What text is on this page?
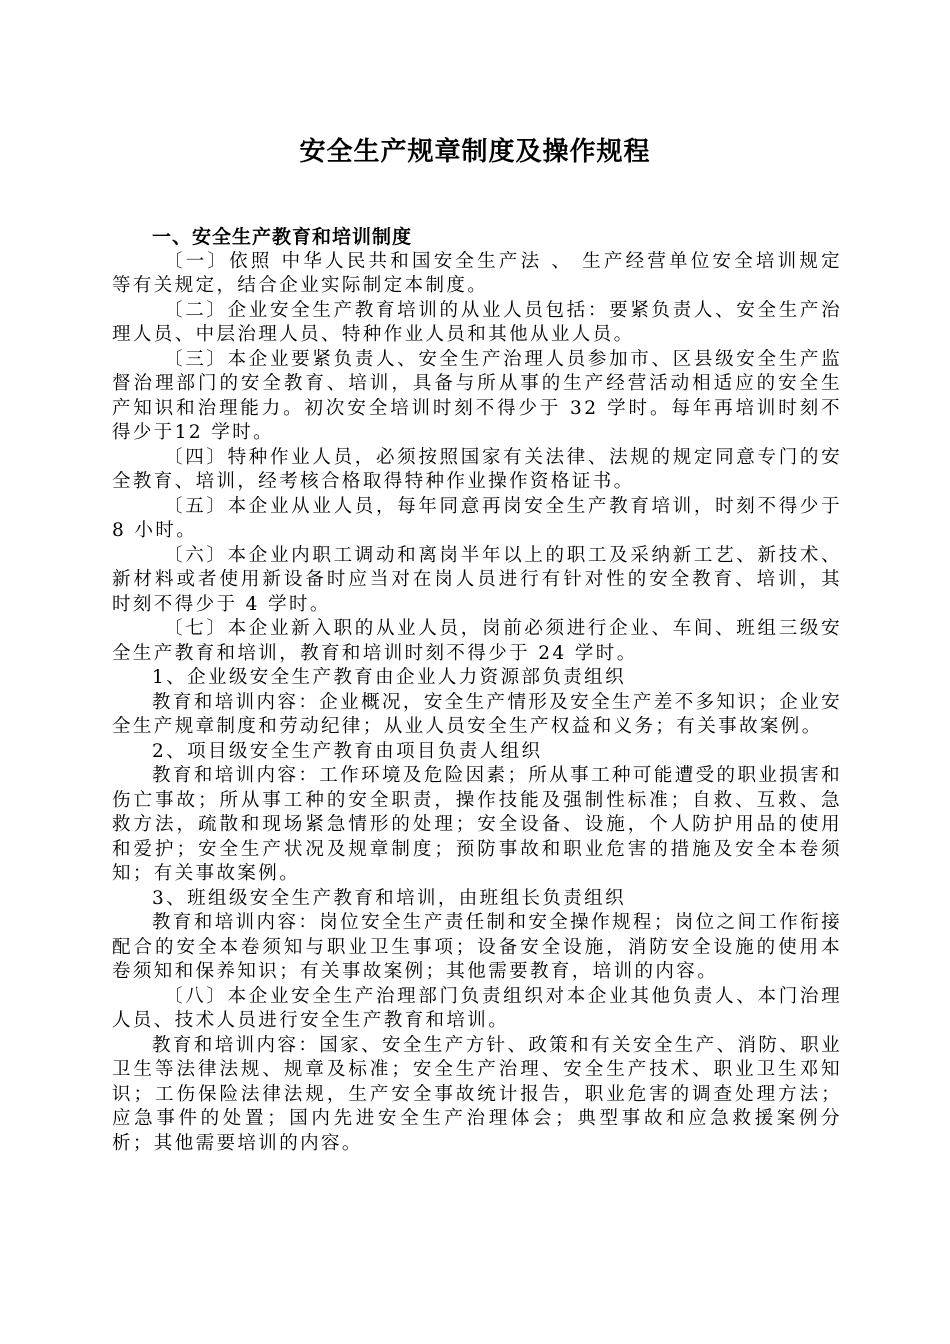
安全生产规章制度及操作规程

一、安全生产教育和培训制度

〔一〕依照 中华人民共和国安全生产法 、 生产经营单位安全培训规定 等有关规定，结合企业实际制定本制度。

〔二〕企业安全生产教育培训的从业人员包括：要紧负责人、安全生产治理人员、中层治理人员、特种作业人员和其他从业人员。

〔三〕本企业要紧负责人、安全生产治理人员参加市、区县级安全生产监督治理部门的安全教育、培训，具备与所从事的生产经营活动相适应的安全生产知识和治理能力。初次安全培训时刻不得少于 32 学时。每年再培训时刻不得少于12 学时。

〔四〕特种作业人员，必须按照国家有关法律、法规的规定同意专门的安全教育、培训，经考核合格取得特种作业操作资格证书。

〔五〕本企业从业人员，每年同意再岗安全生产教育培训，时刻不得少于 8 小时。

〔六〕本企业内职工调动和离岗半年以上的职工及采纳新工艺、新技术、新材料或者使用新设备时应当对在岗人员进行有针对性的安全教育、培训，其时刻不得少于 4 学时。

〔七〕本企业新入职的从业人员，岗前必须进行企业、车间、班组三级安全生产教育和培训，教育和培训时刻不得少于 24 学时。

1、企业级安全生产教育由企业人力资源部负责组织

教育和培训内容：企业概况，安全生产情形及安全生产差不多知识；企业安全生产规章制度和劳动纪律；从业人员安全生产权益和义务；有关事故案例。

2、项目级安全生产教育由项目负责人组织

教育和培训内容：工作环境及危险因素；所从事工种可能遭受的职业损害和伤亡事故；所从事工种的安全职责，操作技能及强制性标准；自救、互救、急救方法，疏散和现场紧急情形的处理；安全设备、设施，个人防护用品的使用和爱护；安全生产状况及规章制度；预防事故和职业危害的措施及安全本卷须知；有关事故案例。

3、班组级安全生产教育和培训，由班组长负责组织

教育和培训内容：岗位安全生产责任制和安全操作规程；岗位之间工作衔接配合的安全本卷须知与职业卫生事项；设备安全设施，消防安全设施的使用本卷须知和保养知识；有关事故案例；其他需要教育，培训的内容。

〔八〕本企业安全生产治理部门负责组织对本企业其他负责人、本门治理人员、技术人员进行安全生产教育和培训。

教育和培训内容：国家、安全生产方针、政策和有关安全生产、消防、职业卫生等法律法规、规章及标准；安全生产治理、安全生产技术、职业卫生邓知识；工伤保险法律法规，生产安全事故统计报告，职业危害的调查处理方法；应急事件的处置；国内先进安全生产治理体会；典型事故和应急救援案例分析；其他需要培训的内容。
